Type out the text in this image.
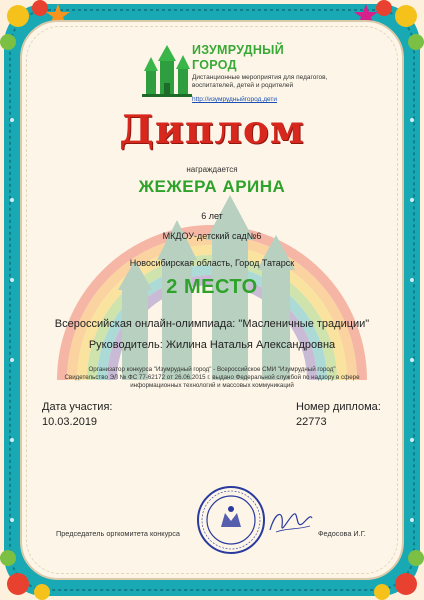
ИЗУМРУДНЫЙ
ГОРОД
Дистанционные мероприятия для педагогов, воспитателей, детей и родителей
http://изумрудныйгород.дети
Диплом
награждается
ЖЕЖЕРА АРИНА
6 лет
МКДОУ-детский сад№6
Новосибирская область, Город Татарск
2 МЕСТО
Всероссийская онлайн-олимпиада: "Масленичные традиции"
Руководитель: Жилина Наталья Александровна
Организатор конкурса "Изумрудный город" - Всероссийское СМИ "Изумрудный город"
Свидетельство ЭЛ № ФС 77-62172 от 26.06.2015 г. выдано Федеральной службой по надзору в сфере
информационных технологий и массовых коммуникаций
Дата участия:
10.03.2019
Номер диплома:
22773
Председатель оргкомитета конкурса	Федосова И.Г.
